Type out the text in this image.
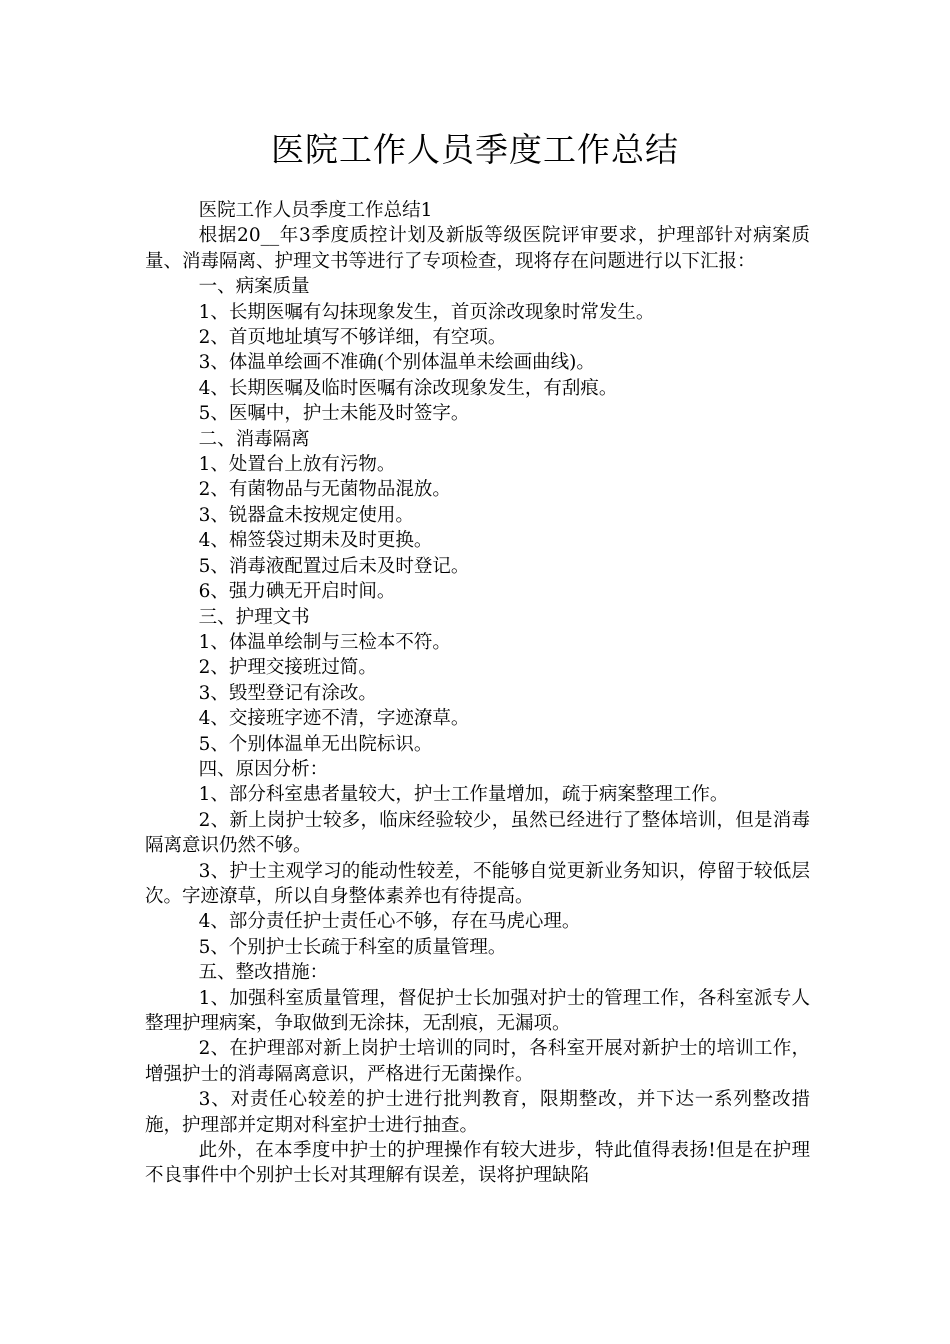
医院工作人员季度工作总结

医院工作人员季度工作总结1

根据20__年3季度质控计划及新版等级医院评审要求，护理部针对病案质量、消毒隔离、护理文书等进行了专项检查，现将存在问题进行以下汇报：

一、病案质量

1、长期医嘱有勾抹现象发生，首页涂改现象时常发生。

2、首页地址填写不够详细，有空项。

3、体温单绘画不准确(个别体温单未绘画曲线)。

4、长期医嘱及临时医嘱有涂改现象发生，有刮痕。

5、医嘱中，护士未能及时签字。

二、消毒隔离

1、处置台上放有污物。

2、有菌物品与无菌物品混放。

3、锐器盒未按规定使用。

4、棉签袋过期未及时更换。

5、消毒液配置过后未及时登记。

6、强力碘无开启时间。

三、护理文书

1、体温单绘制与三检本不符。

2、护理交接班过简。

3、毁型登记有涂改。

4、交接班字迹不清，字迹潦草。

5、个别体温单无出院标识。

四、原因分析：

1、部分科室患者量较大，护士工作量增加，疏于病案整理工作。

2、新上岗护士较多，临床经验较少，虽然已经进行了整体培训，但是消毒隔离意识仍然不够。

3、护士主观学习的能动性较差，不能够自觉更新业务知识，停留于较低层次。字迹潦草，所以自身整体素养也有待提高。

4、部分责任护士责任心不够，存在马虎心理。

5、个别护士长疏于科室的质量管理。

五、整改措施：

1、加强科室质量管理，督促护士长加强对护士的管理工作，各科室派专人整理护理病案，争取做到无涂抹，无刮痕，无漏项。

2、在护理部对新上岗护士培训的同时，各科室开展对新护士的培训工作，增强护士的消毒隔离意识，严格进行无菌操作。

3、对责任心较差的护士进行批判教育，限期整改，并下达一系列整改措施，护理部并定期对科室护士进行抽查。

此外，在本季度中护士的护理操作有较大进步，特此值得表扬!但是在护理不良事件中个别护士长对其理解有误差，误将护理缺陷
